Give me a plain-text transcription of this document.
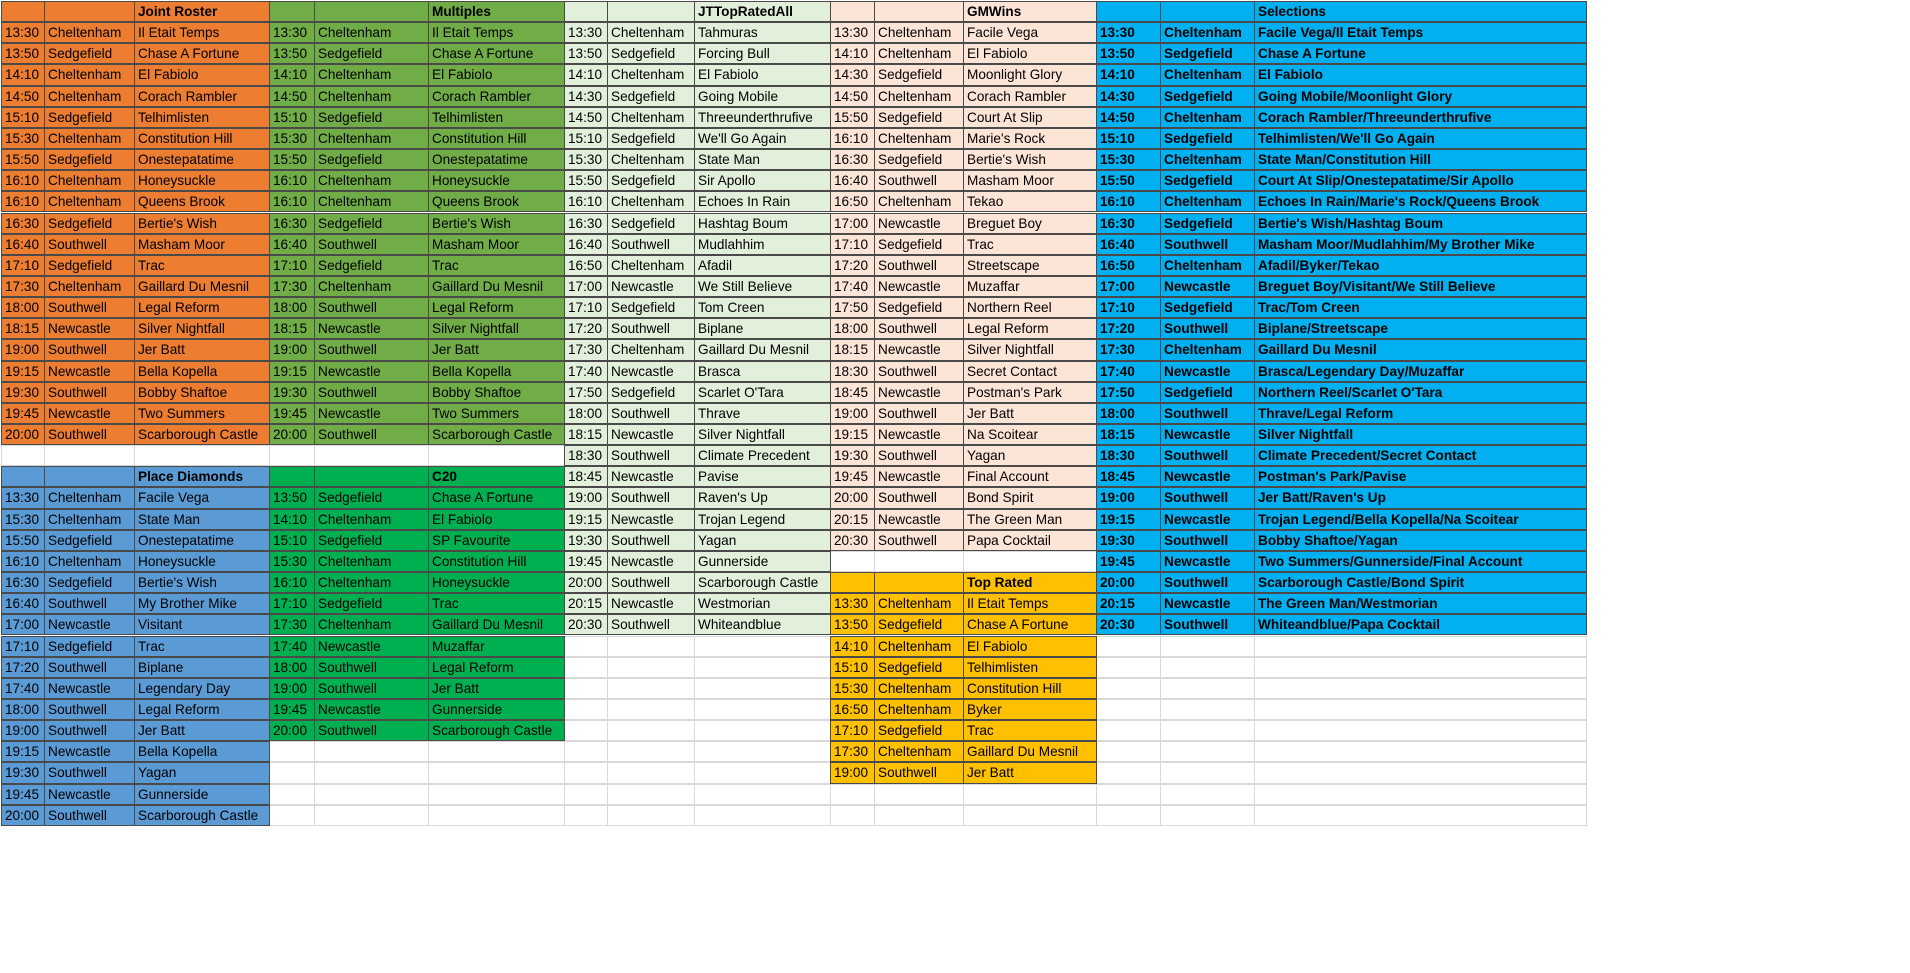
Joint Roster
13:30 Cheltenham	Il Etait Temps
13:50 Sedgefield	Chase A Fortune
14:10 Cheltenham	El Fabiolo
14:50 Cheltenham	Corach Rambler
15:10 Sedgefield	Telhimlisten
15:30 Cheltenham	Constitution Hill
15:50 Sedgefield	Onestepatatime
16:10 Cheltenham	Honeysuckle
16:10 Cheltenham	Queens Brook
16:30 Sedgefield	Bertie's Wish
16:40 Southwell	Masham Moor
17:10 Sedgefield	Trac
17:30 Cheltenham	Gaillard Du Mesnil
18:00 Southwell	Legal Reform
18:15 Newcastle	Silver Nightfall
19:00 Southwell	Jer Batt
19:15 Newcastle	Bella Kopella
19:30 Southwell	Bobby Shaftoe
19:45 Newcastle	Two Summers
20:00 Southwell	Scarborough Castle
Multiples
13:30 Cheltenham	Il Etait Temps
13:50 Sedgefield	Chase A Fortune
14:10 Cheltenham	El Fabiolo
14:50 Cheltenham	Corach Rambler
15:10 Sedgefield	Telhimlisten
15:30 Cheltenham	Constitution Hill
15:50 Sedgefield	Onestepatatime
16:10 Cheltenham	Honeysuckle
16:10 Cheltenham	Queens Brook
16:30 Sedgefield	Bertie's Wish
16:40 Southwell	Masham Moor
17:10 Sedgefield	Trac
17:30 Cheltenham	Gaillard Du Mesnil
18:00 Southwell	Legal Reform
18:15 Newcastle	Silver Nightfall
19:00 Southwell	Jer Batt
19:15 Newcastle	Bella Kopella
19:30 Southwell	Bobby Shaftoe
19:45 Newcastle	Two Summers
20:00 Southwell	Scarborough Castle
JTTopRatedAll
13:30 Cheltenham	Tahmuras
13:50 Sedgefield	Forcing Bull
14:10 Cheltenham	El Fabiolo
14:30 Sedgefield	Going Mobile
14:50 Cheltenham	Threeunderthrufive
15:10 Sedgefield	We'll Go Again
15:30 Cheltenham	State Man
15:50 Sedgefield	Sir Apollo
16:10 Cheltenham	Echoes In Rain
16:30 Sedgefield	Hashtag Boum
16:40 Southwell	Mudlahhim
16:50 Cheltenham	Afadil
17:00 Newcastle	We Still Believe
17:10 Sedgefield	Tom Creen
17:20 Southwell	Biplane
17:30 Cheltenham	Gaillard Du Mesnil
17:40 Newcastle	Brasca
17:50 Sedgefield	Scarlet O'Tara
18:00 Southwell	Thrave
18:15 Newcastle	Silver Nightfall
18:30 Southwell	Climate Precedent
18:45 Newcastle	Pavise
19:00 Southwell	Raven's Up
19:15 Newcastle	Trojan Legend
19:30 Southwell	Yagan
19:45 Newcastle	Gunnerside
20:00 Southwell	Scarborough Castle
20:15 Newcastle	Westmorian
20:30 Southwell	Whiteandblue
GMWins
13:30 Cheltenham	Facile Vega
14:10 Cheltenham	El Fabiolo
14:30 Sedgefield	Moonlight Glory
14:50 Cheltenham	Corach Rambler
15:50 Sedgefield	Court At Slip
16:10 Cheltenham	Marie's Rock
16:30 Sedgefield	Bertie's Wish
16:40 Southwell	Masham Moor
16:50 Cheltenham	Tekao
17:00 Newcastle	Breguet Boy
17:10 Sedgefield	Trac
17:20 Southwell	Streetscape
17:40 Newcastle	Muzaffar
17:50 Sedgefield	Northern Reel
18:00 Southwell	Legal Reform
18:15 Newcastle	Silver Nightfall
18:30 Southwell	Secret Contact
18:45 Newcastle	Postman's Park
19:00 Southwell	Jer Batt
19:15 Newcastle	Na Scoitear
19:30 Southwell	Yagan
19:45 Newcastle	Final Account
20:00 Southwell	Bond Spirit
20:15 Newcastle	The Green Man
20:30 Southwell	Papa Cocktail
Selections
13:30	Cheltenham	Facile Vega/Il Etait Temps
13:50	Sedgefield	Chase A Fortune
14:10	Cheltenham	El Fabiolo
14:30	Sedgefield	Going Mobile/Moonlight Glory
14:50	Cheltenham	Corach Rambler/Threeunderthrufive
15:10	Sedgefield	Telhimlisten/We'll Go Again
15:30	Cheltenham	State Man/Constitution Hill
15:50	Sedgefield	Court At Slip/Onestepatatime/Sir Apollo
16:10	Cheltenham	Echoes In Rain/Marie's Rock/Queens Brook
16:30	Sedgefield	Bertie's Wish/Hashtag Boum
16:40	Southwell	Masham Moor/Mudlahhim/My Brother Mike
16:50	Cheltenham	Afadil/Byker/Tekao
17:00	Newcastle	Breguet Boy/Visitant/We Still Believe
17:10	Sedgefield	Trac/Tom Creen
17:20	Southwell	Biplane/Streetscape
17:30	Cheltenham	Gaillard Du Mesnil
17:40	Newcastle	Brasca/Legendary Day/Muzaffar
17:50	Sedgefield	Northern Reel/Scarlet O'Tara
18:00	Southwell	Thrave/Legal Reform
18:15	Newcastle	Silver Nightfall
18:30	Southwell	Climate Precedent/Secret Contact
18:45	Newcastle	Postman's Park/Pavise
19:00	Southwell	Jer Batt/Raven's Up
19:15	Newcastle	Trojan Legend/Bella Kopella/Na Scoitear
19:30	Southwell	Bobby Shaftoe/Yagan
19:45	Newcastle	Two Summers/Gunnerside/Final Account
20:00	Southwell	Scarborough Castle/Bond Spirit
20:15	Newcastle	The Green Man/Westmorian
20:30	Southwell	Whiteandblue/Papa Cocktail
Place Diamonds
13:30 Cheltenham	Facile Vega
15:30 Cheltenham	State Man
15:50 Sedgefield	Onestepatatime
16:10 Cheltenham	Honeysuckle
16:30 Sedgefield	Bertie's Wish
16:40 Southwell	My Brother Mike
17:00 Newcastle	Visitant
17:10 Sedgefield	Trac
17:20 Southwell	Biplane
17:40 Newcastle	Legendary Day
18:00 Southwell	Legal Reform
19:00 Southwell	Jer Batt
19:15 Newcastle	Bella Kopella
19:30 Southwell	Yagan
19:45 Newcastle	Gunnerside
20:00 Southwell	Scarborough Castle
C20
13:50 Sedgefield	Chase A Fortune
14:10 Cheltenham	El Fabiolo
15:10 Sedgefield	SP Favourite
15:30 Cheltenham	Constitution Hill
16:10 Cheltenham	Honeysuckle
17:10 Sedgefield	Trac
17:30 Cheltenham	Gaillard Du Mesnil
17:40 Newcastle	Muzaffar
18:00 Southwell	Legal Reform
19:00 Southwell	Jer Batt
19:45 Newcastle	Gunnerside
20:00 Southwell	Scarborough Castle
Top Rated
13:30 Cheltenham	Il Etait Temps
13:50 Sedgefield	Chase A Fortune
14:10 Cheltenham	El Fabiolo
15:10 Sedgefield	Telhimlisten
15:30 Cheltenham	Constitution Hill
16:50 Cheltenham	Byker
17:10 Sedgefield	Trac
17:30 Cheltenham	Gaillard Du Mesnil
19:00 Southwell	Jer Batt
